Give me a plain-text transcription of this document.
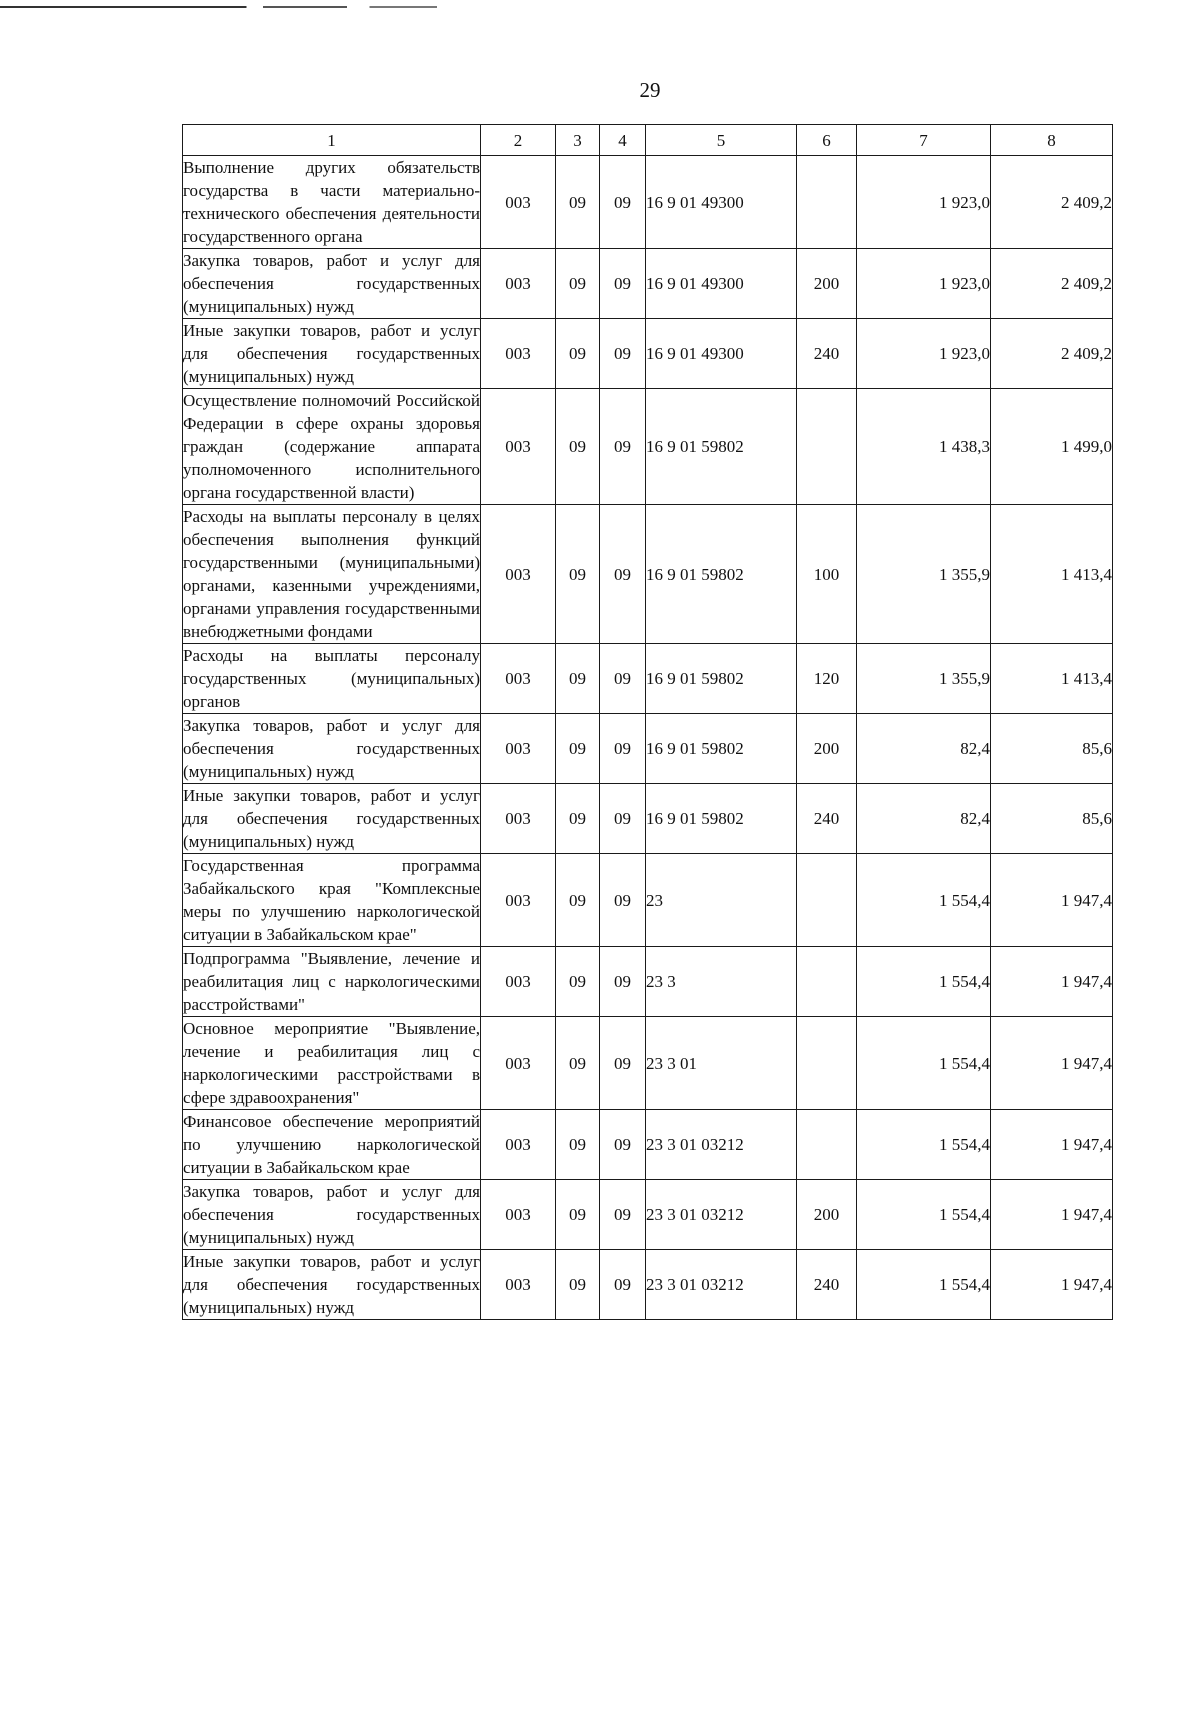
29
1	2	3	4	5	6	7	8
Выполнение других обязательств государства в части материально-технического обеспечения деятельности государственного органа	003	09	09	16 9 01 49300		1 923,0	2 409,2
Закупка товаров, работ и услуг для обеспечения государственных (муниципальных) нужд	003	09	09	16 9 01 49300	200	1 923,0	2 409,2
Иные закупки товаров, работ и услуг для обеспечения государственных (муниципальных) нужд	003	09	09	16 9 01 49300	240	1 923,0	2 409,2
Осуществление полномочий Российской Федерации в сфере охраны здоровья граждан (содержание аппарата уполномоченного исполнительного органа государственной власти)	003	09	09	16 9 01 59802		1 438,3	1 499,0
Расходы на выплаты персоналу в целях обеспечения выполнения функций государственными (муниципальными) органами, казенными учреждениями, органами управления государственными внебюджетными фондами	003	09	09	16 9 01 59802	100	1 355,9	1 413,4
Расходы на выплаты персоналу государственных (муниципальных) органов	003	09	09	16 9 01 59802	120	1 355,9	1 413,4
Закупка товаров, работ и услуг для обеспечения государственных (муниципальных) нужд	003	09	09	16 9 01 59802	200	82,4	85,6
Иные закупки товаров, работ и услуг для обеспечения государственных (муниципальных) нужд	003	09	09	16 9 01 59802	240	82,4	85,6
Государственная программа Забайкальского края "Комплексные меры по улучшению наркологической ситуации в Забайкальском крае"	003	09	09	23		1 554,4	1 947,4
Подпрограмма "Выявление, лечение и реабилитация лиц с наркологическими расстройствами"	003	09	09	23 3		1 554,4	1 947,4
Основное мероприятие "Выявление, лечение и реабилитация лиц с наркологическими расстройствами в сфере здравоохранения"	003	09	09	23 3 01		1 554,4	1 947,4
Финансовое обеспечение мероприятий по улучшению наркологической ситуации в Забайкальском крае	003	09	09	23 3 01 03212		1 554,4	1 947,4
Закупка товаров, работ и услуг для обеспечения государственных (муниципальных) нужд	003	09	09	23 3 01 03212	200	1 554,4	1 947,4
Иные закупки товаров, работ и услуг для обеспечения государственных (муниципальных) нужд	003	09	09	23 3 01 03212	240	1 554,4	1 947,4
